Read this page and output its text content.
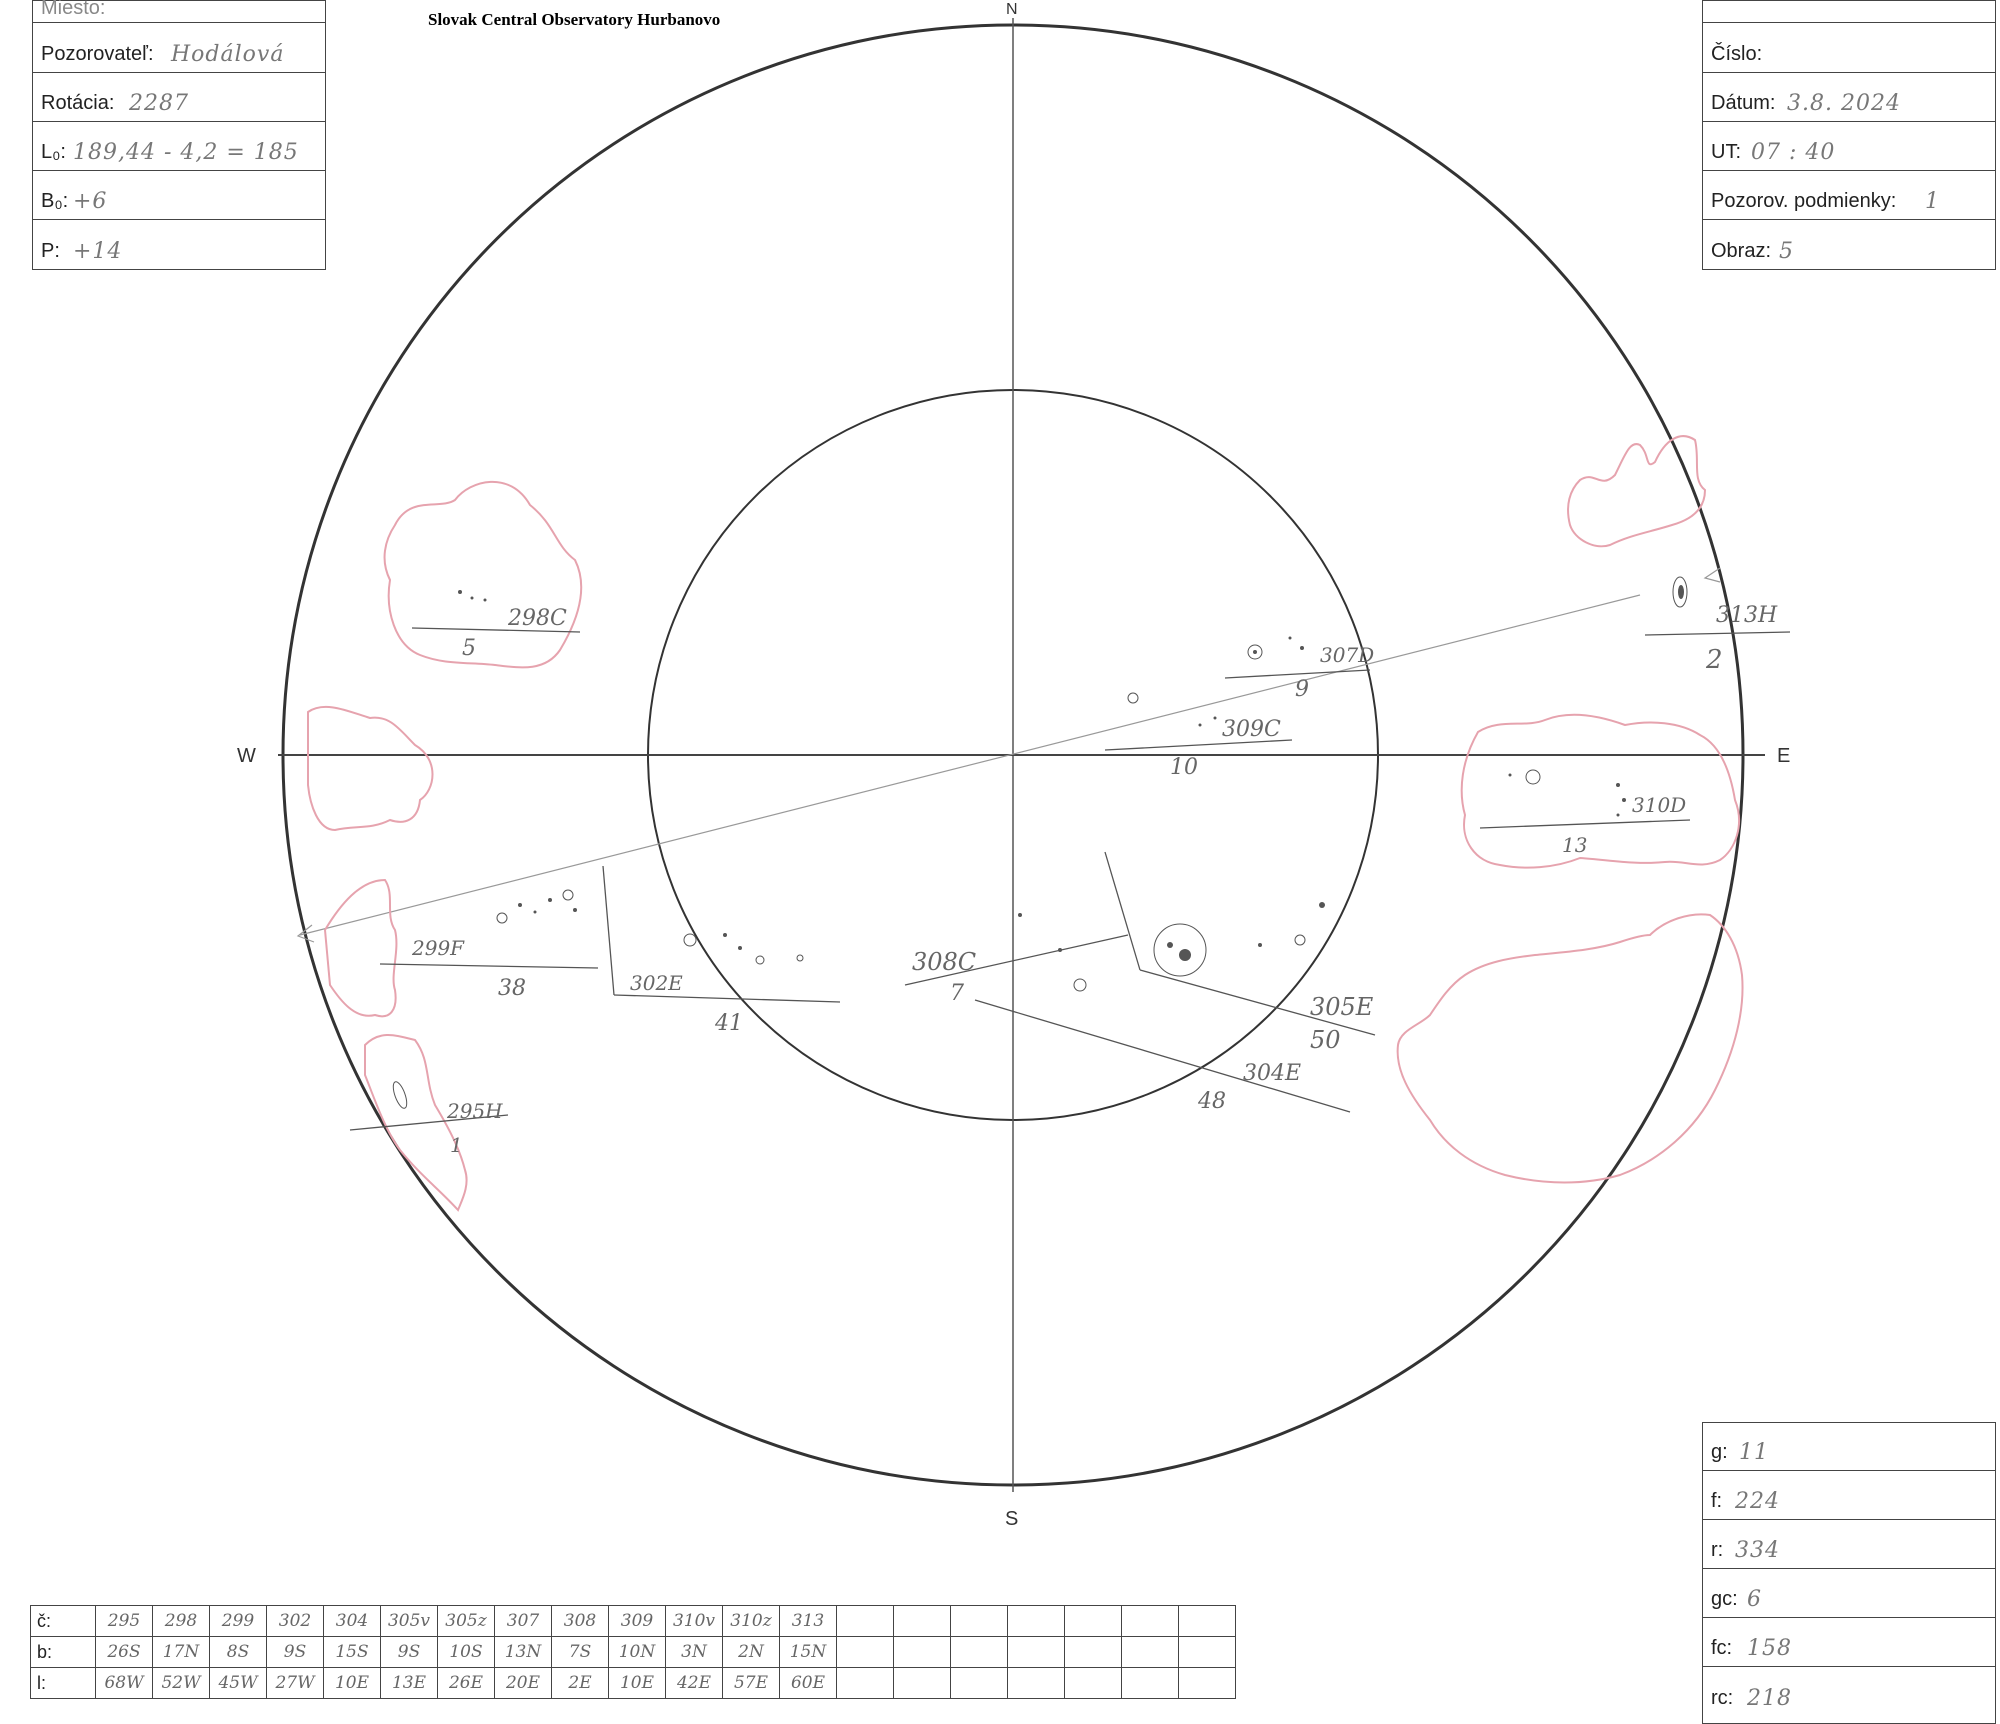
Slovak Central Observatory Hurbanovo
Miesto:
Pozorovateľ: Hodálová
Rotácia: 2287
L₀: 189,44 - 4,2 = 185
B₀: +6
P: +14
Číslo:
Dátum: 3.8. 2024
UT: 07 : 40
Pozorov. podmienky: 1
Obraz: 5
g: 11
f: 224
r: 334
gc: 6
fc: 158
rc: 218
N
S
W	E
298C
5
299F
38	302E
41
295H
1
308C
7
304E
48
305E
50
307D
9
309C
10
310D
13
313H
2
č:	295	298	299	302	304	305v	305z	307	308	309	310v	310z	313							
b:	26S	17N	8S	9S	15S	9S	10S	13N	7S	10N	3N	2N	15N							
l:	68W	52W	45W	27W	10E	13E	26E	20E	2E	10E	42E	57E	60E							
